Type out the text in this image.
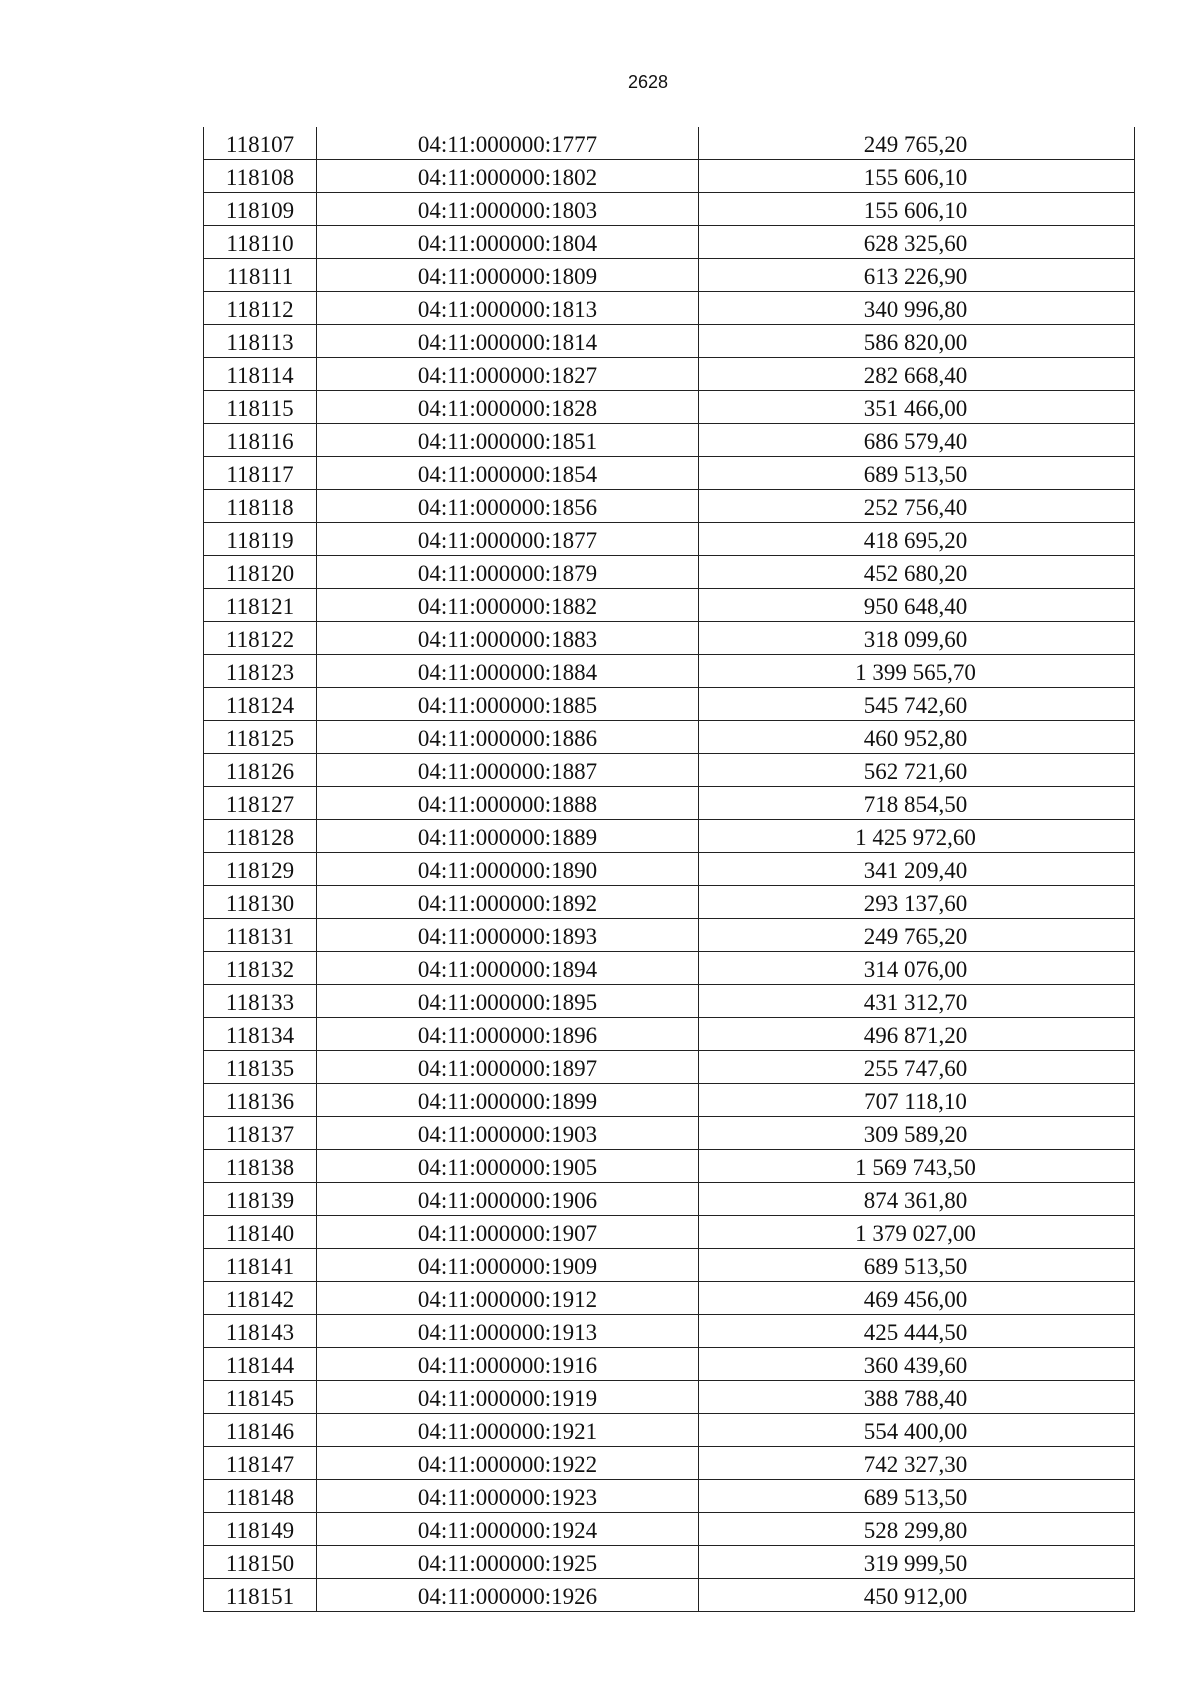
2628
118107	04:11:000000:1777	249 765,20
118108	04:11:000000:1802	155 606,10
118109	04:11:000000:1803	155 606,10
118110	04:11:000000:1804	628 325,60
118111	04:11:000000:1809	613 226,90
118112	04:11:000000:1813	340 996,80
118113	04:11:000000:1814	586 820,00
118114	04:11:000000:1827	282 668,40
118115	04:11:000000:1828	351 466,00
118116	04:11:000000:1851	686 579,40
118117	04:11:000000:1854	689 513,50
118118	04:11:000000:1856	252 756,40
118119	04:11:000000:1877	418 695,20
118120	04:11:000000:1879	452 680,20
118121	04:11:000000:1882	950 648,40
118122	04:11:000000:1883	318 099,60
118123	04:11:000000:1884	1 399 565,70
118124	04:11:000000:1885	545 742,60
118125	04:11:000000:1886	460 952,80
118126	04:11:000000:1887	562 721,60
118127	04:11:000000:1888	718 854,50
118128	04:11:000000:1889	1 425 972,60
118129	04:11:000000:1890	341 209,40
118130	04:11:000000:1892	293 137,60
118131	04:11:000000:1893	249 765,20
118132	04:11:000000:1894	314 076,00
118133	04:11:000000:1895	431 312,70
118134	04:11:000000:1896	496 871,20
118135	04:11:000000:1897	255 747,60
118136	04:11:000000:1899	707 118,10
118137	04:11:000000:1903	309 589,20
118138	04:11:000000:1905	1 569 743,50
118139	04:11:000000:1906	874 361,80
118140	04:11:000000:1907	1 379 027,00
118141	04:11:000000:1909	689 513,50
118142	04:11:000000:1912	469 456,00
118143	04:11:000000:1913	425 444,50
118144	04:11:000000:1916	360 439,60
118145	04:11:000000:1919	388 788,40
118146	04:11:000000:1921	554 400,00
118147	04:11:000000:1922	742 327,30
118148	04:11:000000:1923	689 513,50
118149	04:11:000000:1924	528 299,80
118150	04:11:000000:1925	319 999,50
118151	04:11:000000:1926	450 912,00
